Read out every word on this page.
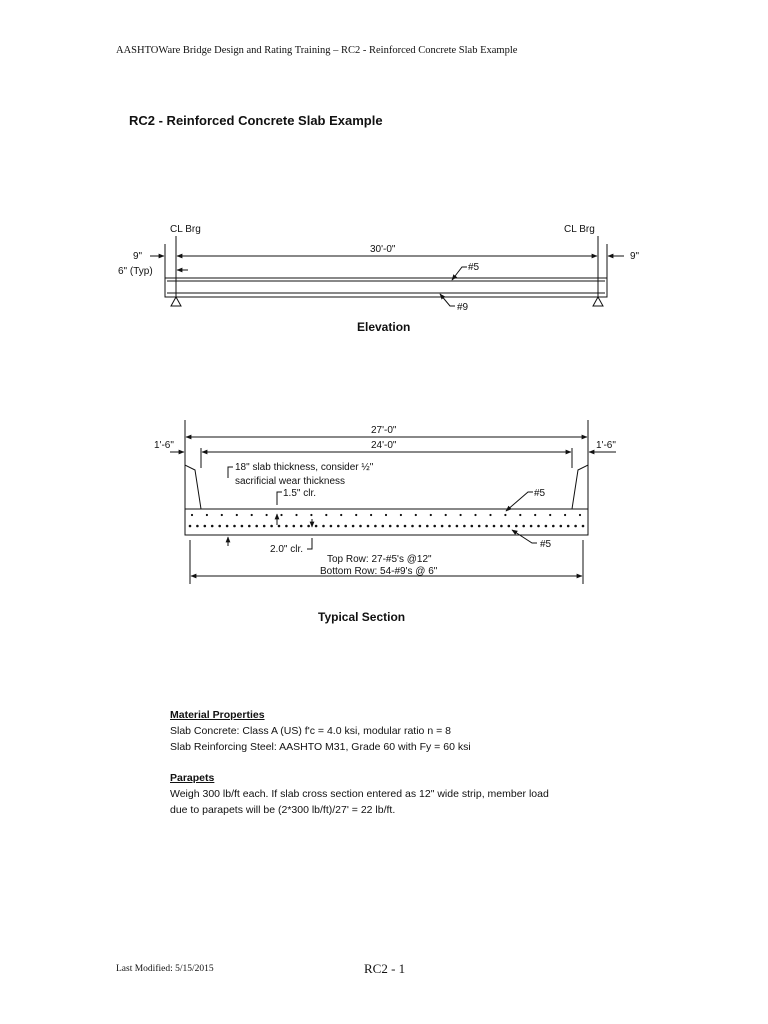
AASHTOWare Bridge Design and Rating Training – RC2 - Reinforced Concrete Slab Example
RC2 - Reinforced Concrete Slab Example
CL Brg	CL Brg
30'-0"
9"	9"
6" (Typ)	#5
#9
Elevation
27'-0"
24'-0"
1'-6"	1'-6"
18" slab thickness, consider ½"
sacrificial wear thickness
1.5" clr.	#5
#5
2.0" clr.
Top Row: 27-#5's @12"
Bottom Row: 54-#9's @ 6"
Typical Section
Material Properties
Slab Concrete: Class A (US) f'c = 4.0 ksi, modular ratio n = 8
Slab Reinforcing Steel: AASHTO M31, Grade 60 with Fy = 60 ksi
Parapets
Weigh 300 lb/ft each. If slab cross section entered as 12" wide strip, member load
due to parapets will be (2*300 lb/ft)/27' = 22 lb/ft.
Last Modified: 5/15/2015	RC2 - 1
